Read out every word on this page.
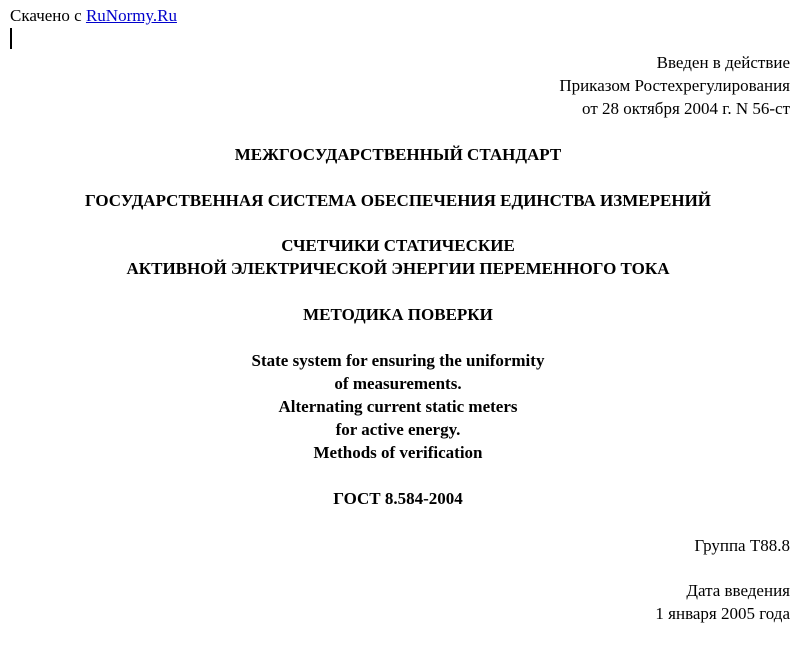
Скачено с RuNormy.Ru
Введен в действие
Приказом Ростехрегулирования
от 28 октября 2004 г. N 56-ст
МЕЖГОСУДАРСТВЕННЫЙ СТАНДАРТ
ГОСУДАРСТВЕННАЯ СИСТЕМА ОБЕСПЕЧЕНИЯ ЕДИНСТВА ИЗМЕРЕНИЙ
СЧЕТЧИКИ СТАТИЧЕСКИЕ
АКТИВНОЙ ЭЛЕКТРИЧЕСКОЙ ЭНЕРГИИ ПЕРЕМЕННОГО ТОКА
МЕТОДИКА ПОВЕРКИ
State system for ensuring the uniformity
of measurements.
Alternating current static meters
for active energy.
Methods of verification
ГОСТ 8.584-2004
Группа Т88.8
Дата введения
1 января 2005 года
